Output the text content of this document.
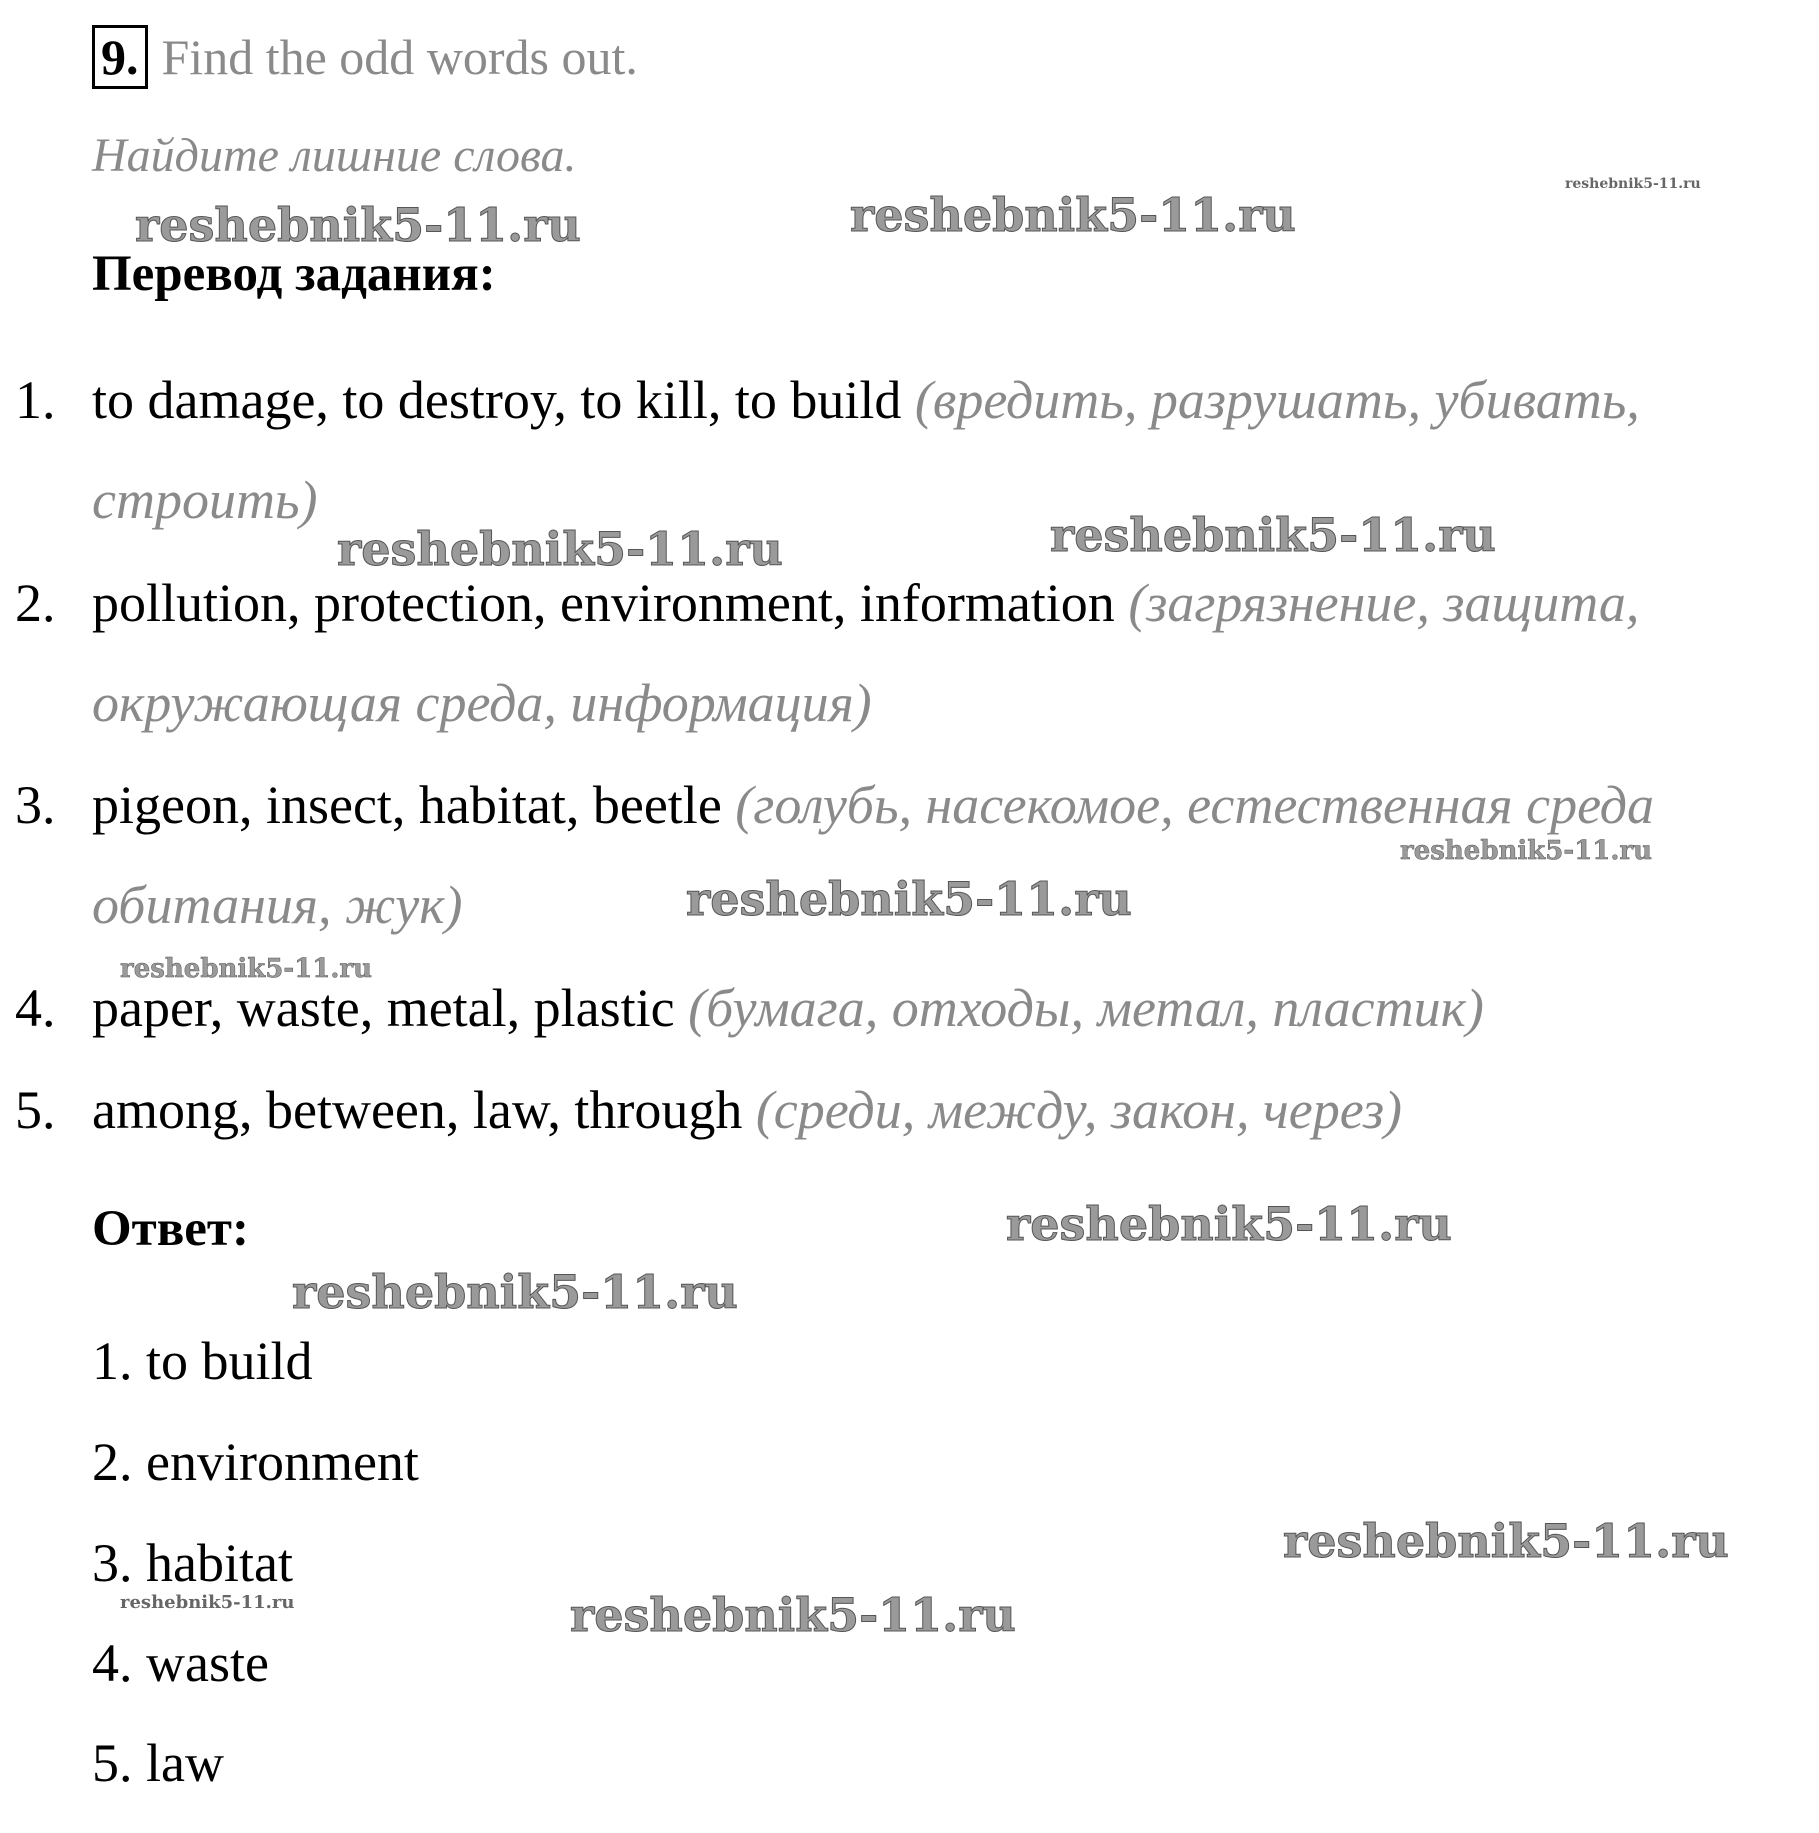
9. Find the odd words out.
Найдите лишние слова.
Перевод задания:
1. to damage, to destroy, to kill, to build (вредить, разрушать, убивать, строить)
2. pollution, protection, environment, information (загрязнение, защита, окружающая среда, информация)
3. pigeon, insect, habitat, beetle (голубь, насекомое, естественная среда обитания, жук)
4. paper, waste, metal, plastic (бумага, отходы, метал, пластик)
5. among, between, law, through (среди, между, закон, через)
Ответ:
1. to build
2. environment
3. habitat
4. waste
5. law
reshebnik5-11.ru	reshebnik5-11.ru
reshebnik5-11.ru
reshebnik5-11.ru	reshebnik5-11.ru
reshebnik5-11.ru
reshebnik5-11.ru
reshebnik5-11.ru
reshebnik5-11.ru
reshebnik5-11.ru
reshebnik5-11.ru
reshebnik5-11.ru	reshebnik5-11.ru
